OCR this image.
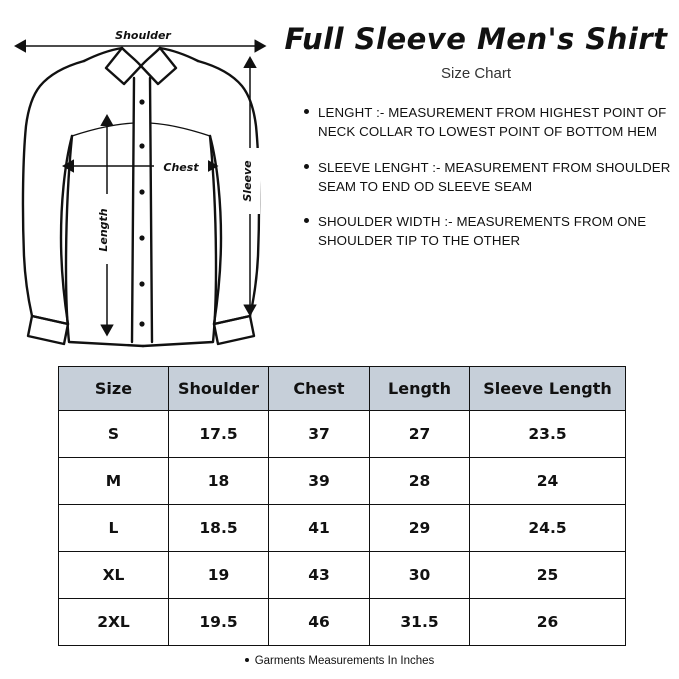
Shoulder
Chest
Length
Sleeve
Full Sleeve Men's Shirt
Size Chart
LENGHT :- MEASUREMENT FROM HIGHEST POINT OF NECK COLLAR TO LOWEST POINT OF BOTTOM HEM
SLEEVE LENGHT :- MEASUREMENT FROM SHOULDER SEAM TO END OD SLEEVE SEAM
SHOULDER WIDTH :- MEASUREMENTS FROM ONE SHOULDER TIP TO THE OTHER
Size	Shoulder	Chest	Length	Sleeve Length
S	17.5	37	27	23.5
M	18	39	28	24
L	18.5	41	29	24.5
XL	19	43	30	25
2XL	19.5	46	31.5	26
Garments Measurements In Inches
